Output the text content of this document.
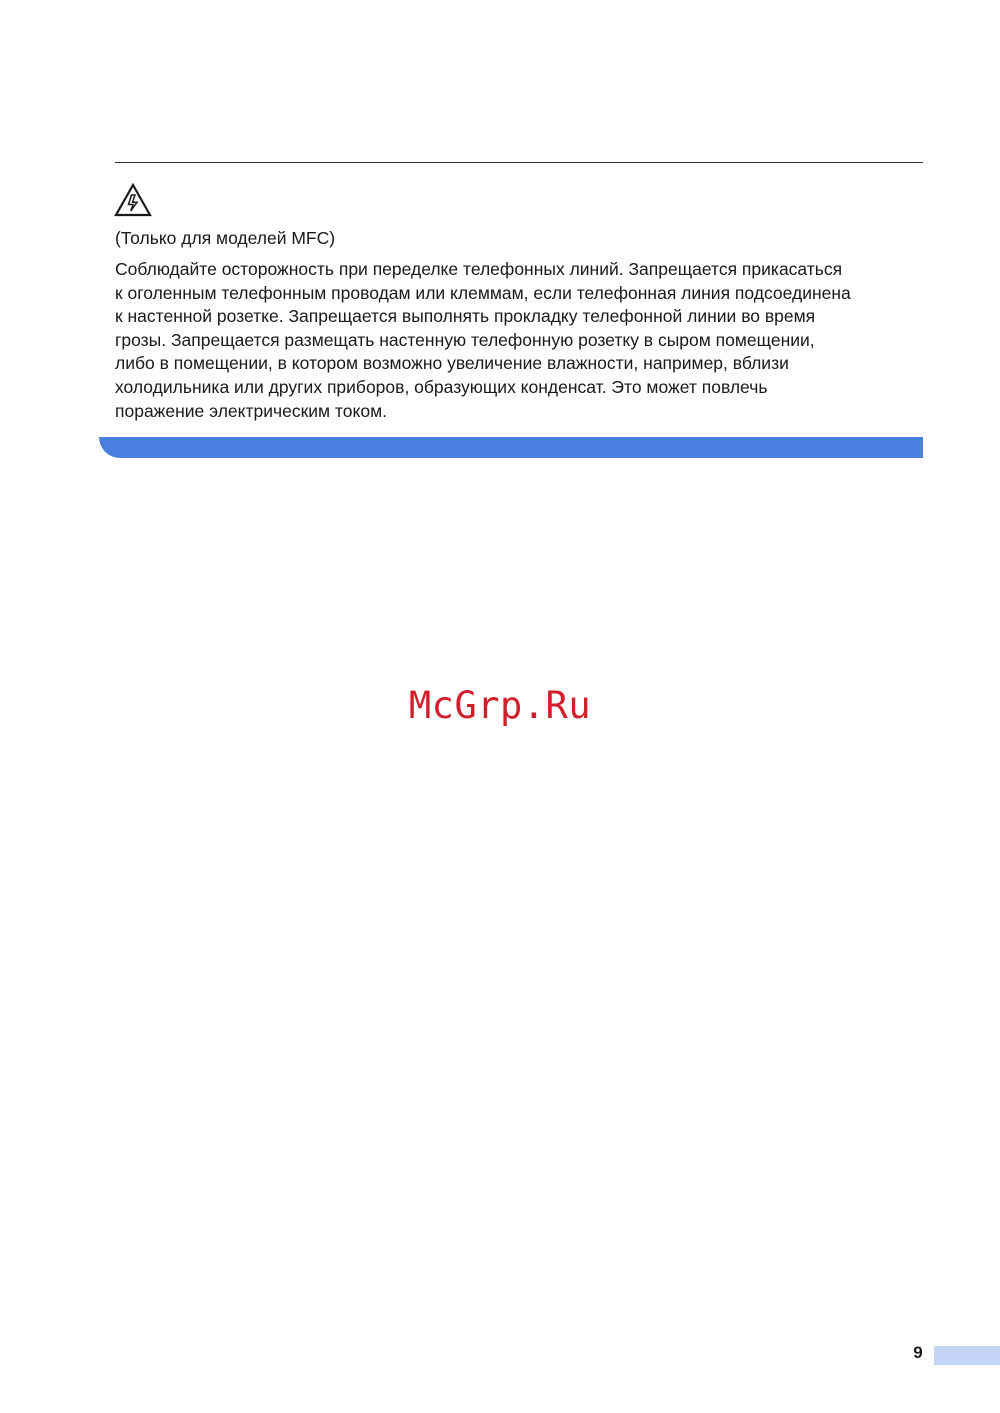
(Только для моделей MFC)
Соблюдайте осторожность при переделке телефонных линий. Запрещается прикасаться
к оголенным телефонным проводам или клеммам, если телефонная линия подсоединена
к настенной розетке. Запрещается выполнять прокладку телефонной линии во время
грозы. Запрещается размещать настенную телефонную розетку в сыром помещении,
либо в помещении, в котором возможно увеличение влажности, например, вблизи
холодильника или других приборов, образующих конденсат. Это может повлечь
поражение электрическим током.
McGrp.Ru
9
